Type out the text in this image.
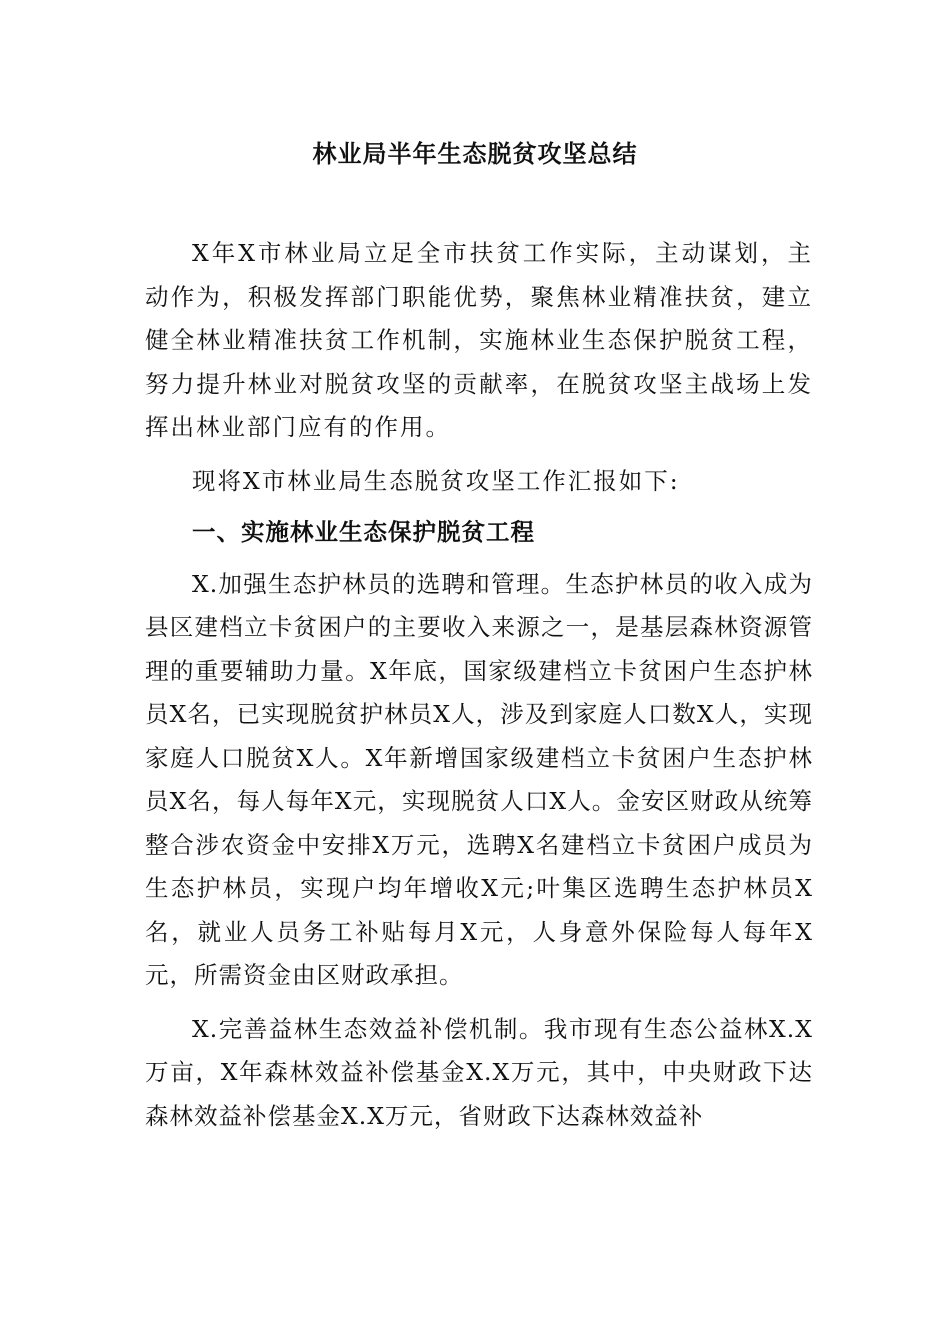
林业局半年生态脱贫攻坚总结

X年X市林业局立足全市扶贫工作实际，主动谋划，主动作为，积极发挥部门职能优势，聚焦林业精准扶贫，建立健全林业精准扶贫工作机制，实施林业生态保护脱贫工程，努力提升林业对脱贫攻坚的贡献率，在脱贫攻坚主战场上发挥出林业部门应有的作用。

现将X市林业局生态脱贫攻坚工作汇报如下:

一、实施林业生态保护脱贫工程

X.加强生态护林员的选聘和管理。生态护林员的收入成为县区建档立卡贫困户的主要收入来源之一，是基层森林资源管理的重要辅助力量。X年底，国家级建档立卡贫困户生态护林员X名，已实现脱贫护林员X人，涉及到家庭人口数X人，实现家庭人口脱贫X人。X年新增国家级建档立卡贫困户生态护林员X名，每人每年X元，实现脱贫人口X人。金安区财政从统筹整合涉农资金中安排X万元，选聘X名建档立卡贫困户成员为生态护林员，实现户均年增收X元;叶集区选聘生态护林员X名，就业人员务工补贴每月X元，人身意外保险每人每年X元，所需资金由区财政承担。

X.完善益林生态效益补偿机制。我市现有生态公益林X.X万亩，X年森林效益补偿基金X.X万元，其中，中央财政下达森林效益补偿基金X.X万元，省财政下达森林效益补
